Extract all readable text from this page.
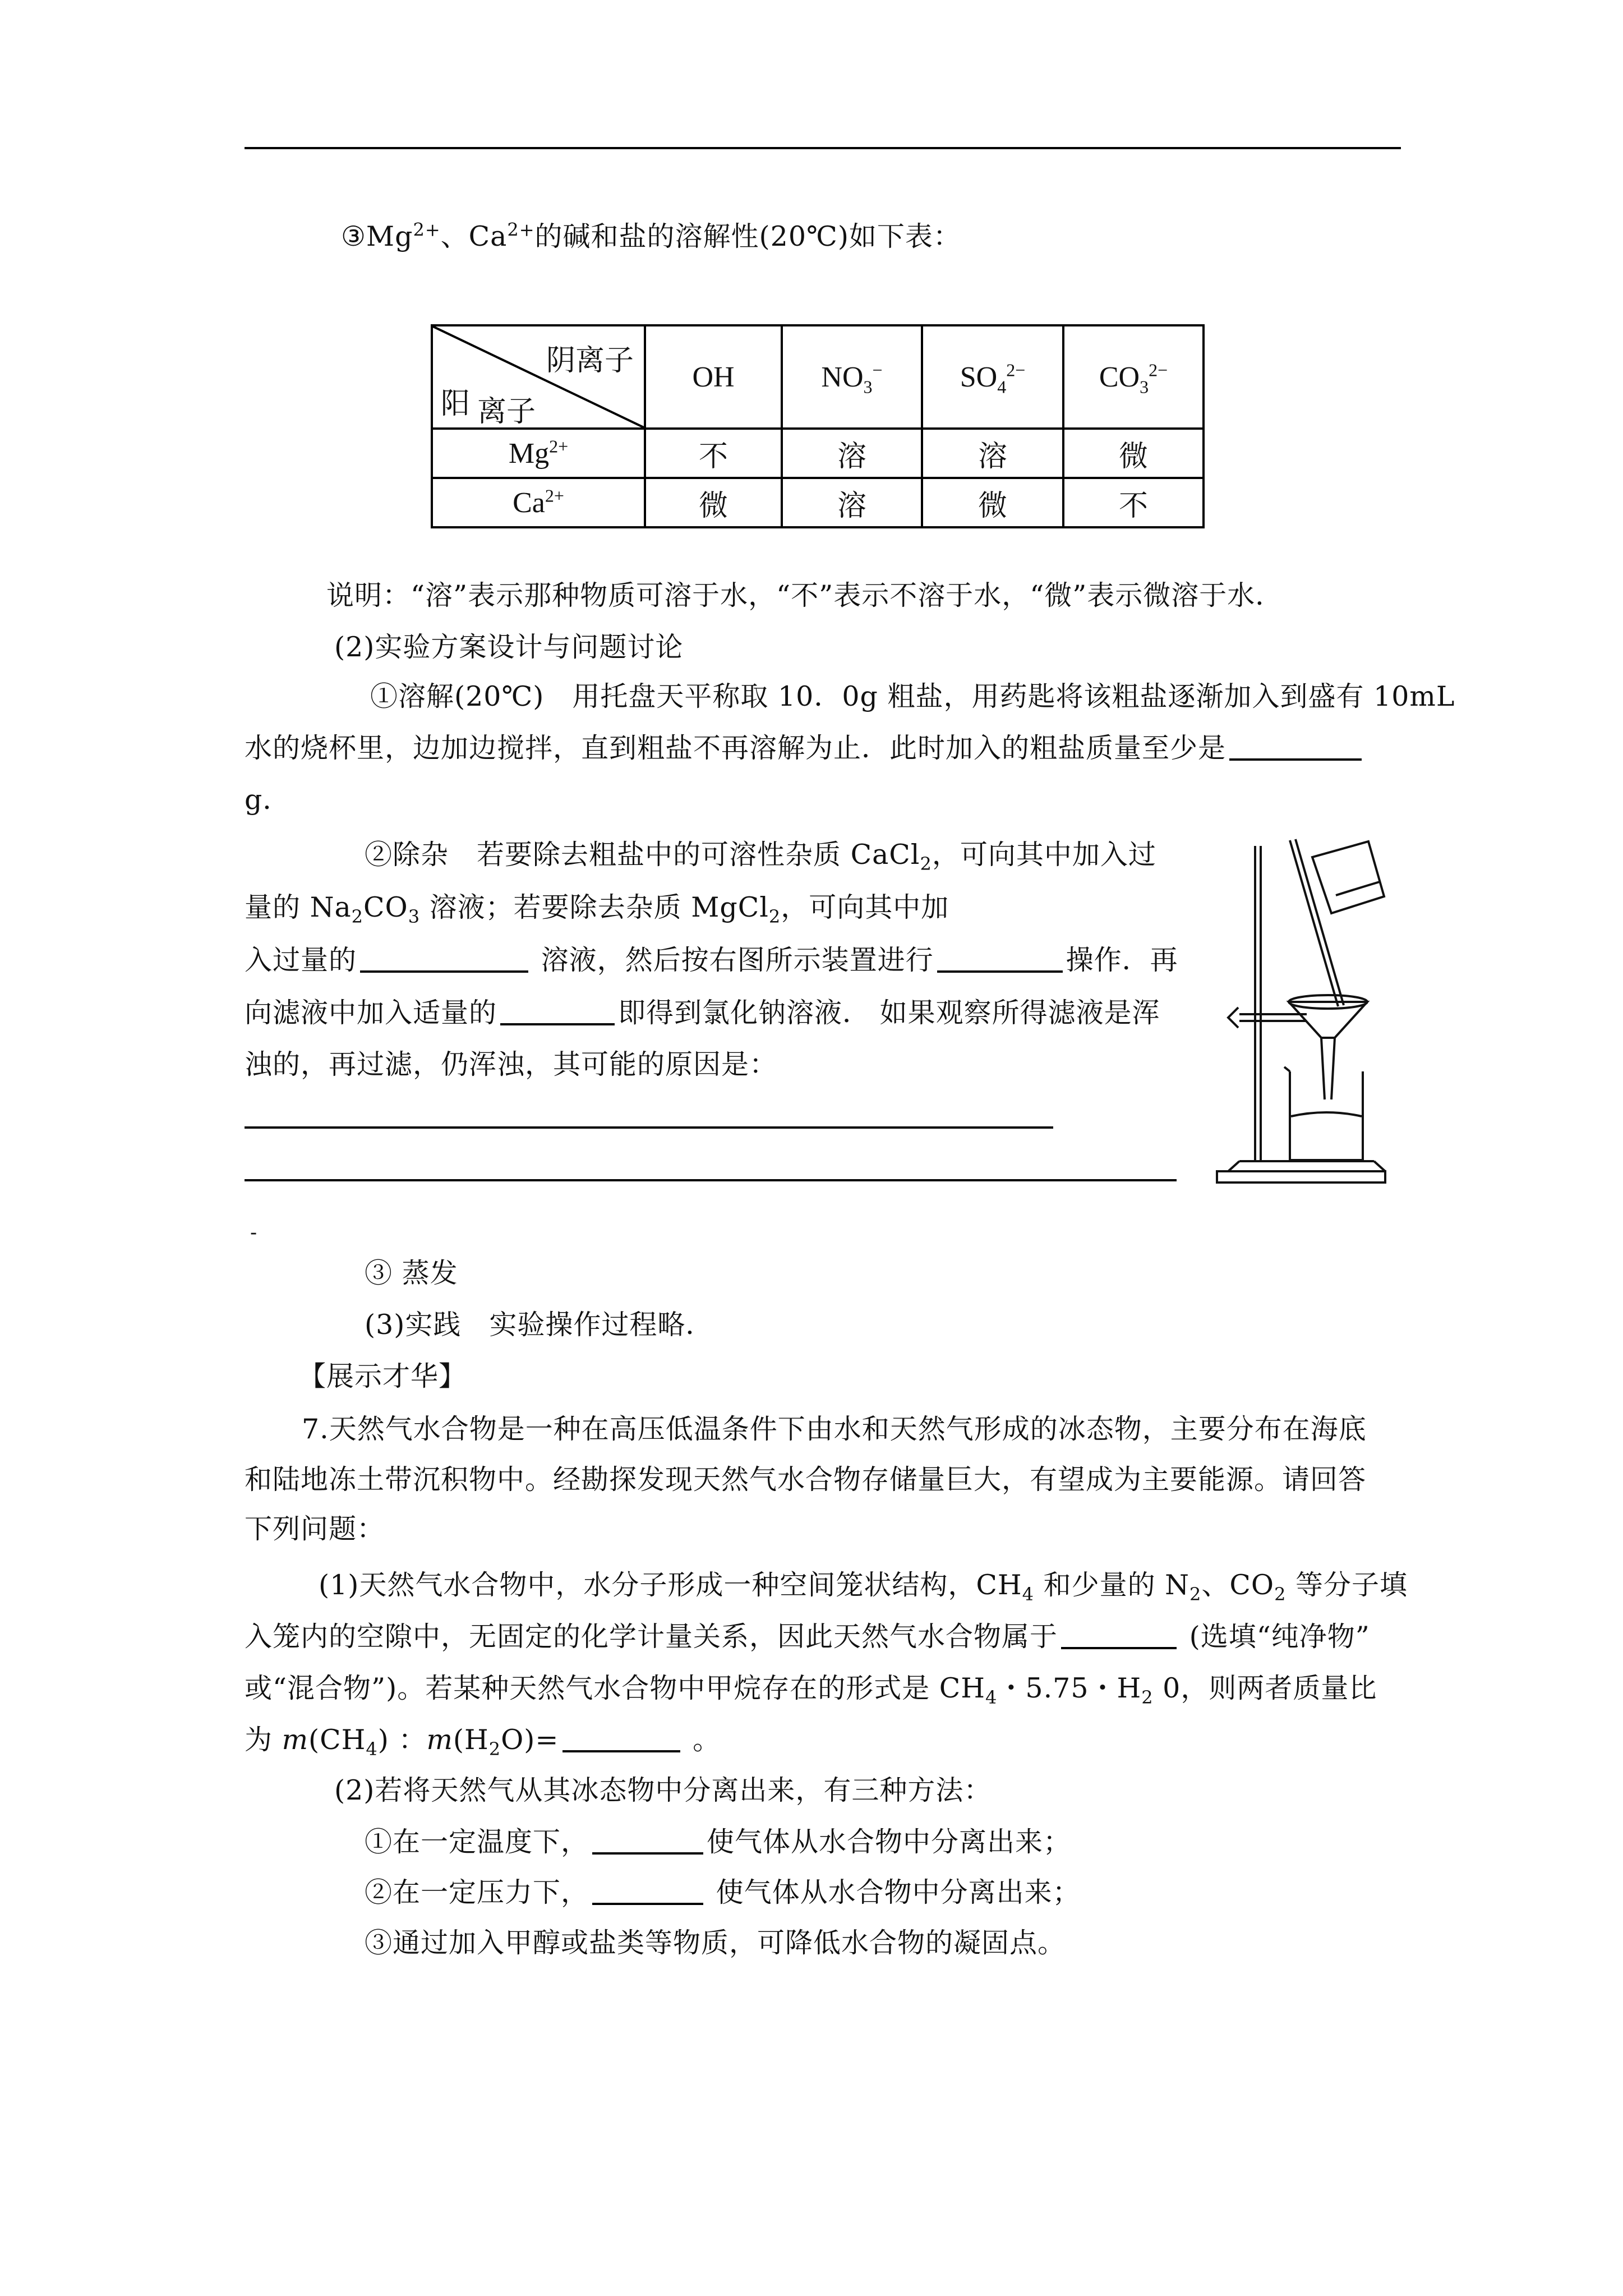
$③Mg^{2+}$、$Ca^{2+}$的碱和盐的溶解性(20℃)如下表：
阴离子
阳 离子	OH	$NO_3^-$	$SO_4^{2-}$	$CO_3^{2-}$

$Mg^{2+}$	不	溶	溶	微
$Ca^{2+}$	微	溶	微	不
说明：“溶”表示那种物质可溶于水，“不”表示不溶于水，“微”表示微溶于水．
(2)实验方案设计与问题讨论
①溶解(20℃)　用托盘天平称取 10．0g 粗盐，用药匙将该粗盐逐渐加入到盛有 10mL
水的烧杯里，边加边搅拌，直到粗盐不再溶解为止．此时加入的粗盐质量至少是
g．
②除杂　若要除去粗盐中的可溶性杂质 CaCl$_2$，可向其中加入过
量的 $Na_2CO_3$ 溶液；若要除去杂质 MgCl$_2$，可向其中加
入过量的	溶液，然后按右图所示装置进行	操作．再
向滤液中加入适量的	即得到氯化钠溶液． 如果观察所得滤液是浑
浊的，再过滤，仍浑浊，其可能的原因是：
-
③ 蒸发
(3)实践　实验操作过程略．
【展示才华】
7.天然气水合物是一种在高压低温条件下由水和天然气形成的冰态物，主要分布在海底
和陆地冻土带沉积物中。经勘探发现天然气水合物存储量巨大，有望成为主要能源。请回答
下列问题：
(1)天然气水合物中，水分子形成一种空间笼状结构，$CH_4$ 和少量的 $N_2$、$CO_2$ 等分子填
入笼内的空隙中，无固定的化学计量关系，因此天然气水合物属于	(选填“纯净物”
或“混合物”)。若某种天然气水合物中甲烷存在的形式是 $CH_4$・5.75・$H_2$ 0，则两者质量比
为 $m(CH_4)$ ：$m(H_2O)=$	。
(2)若将天然气从其冰态物中分离出来，有三种方法：
①在一定温度下，	使气体从水合物中分离出来；
②在一定压力下，	使气体从水合物中分离出来；
③通过加入甲醇或盐类等物质，可降低水合物的凝固点。
